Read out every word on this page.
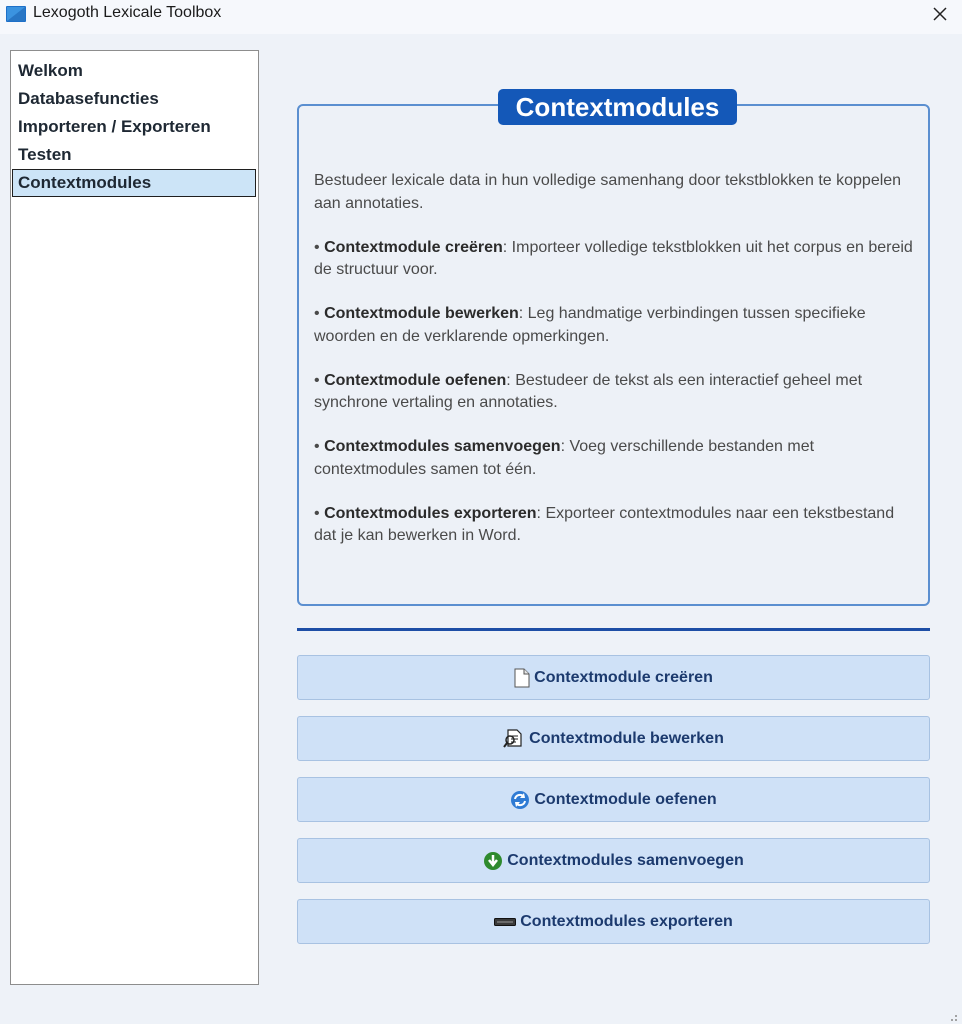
Lexogoth Lexicale Toolbox
Welkom
Databasefuncties
Importeren / Exporteren
Testen
Contextmodules
Contextmodules

Bestudeer lexicale data in hun volledige samenhang door tekstblokken te koppelen aan annotaties.

• Contextmodule creëren: Importeer volledige tekstblokken uit het corpus en bereid de structuur voor.

• Contextmodule bewerken: Leg handmatige verbindingen tussen specifieke woorden en de verklarende opmerkingen.

• Contextmodule oefenen: Bestudeer de tekst als een interactief geheel met synchrone vertaling en annotaties.

• Contextmodules samenvoegen: Voeg verschillende bestanden met contextmodules samen tot één.

• Contextmodules exporteren: Exporteer contextmodules naar een tekstbestand dat je kan bewerken in Word.

Contextmodule creëren
Contextmodule bewerken
Contextmodule oefenen
Contextmodules samenvoegen
Contextmodules exporteren
